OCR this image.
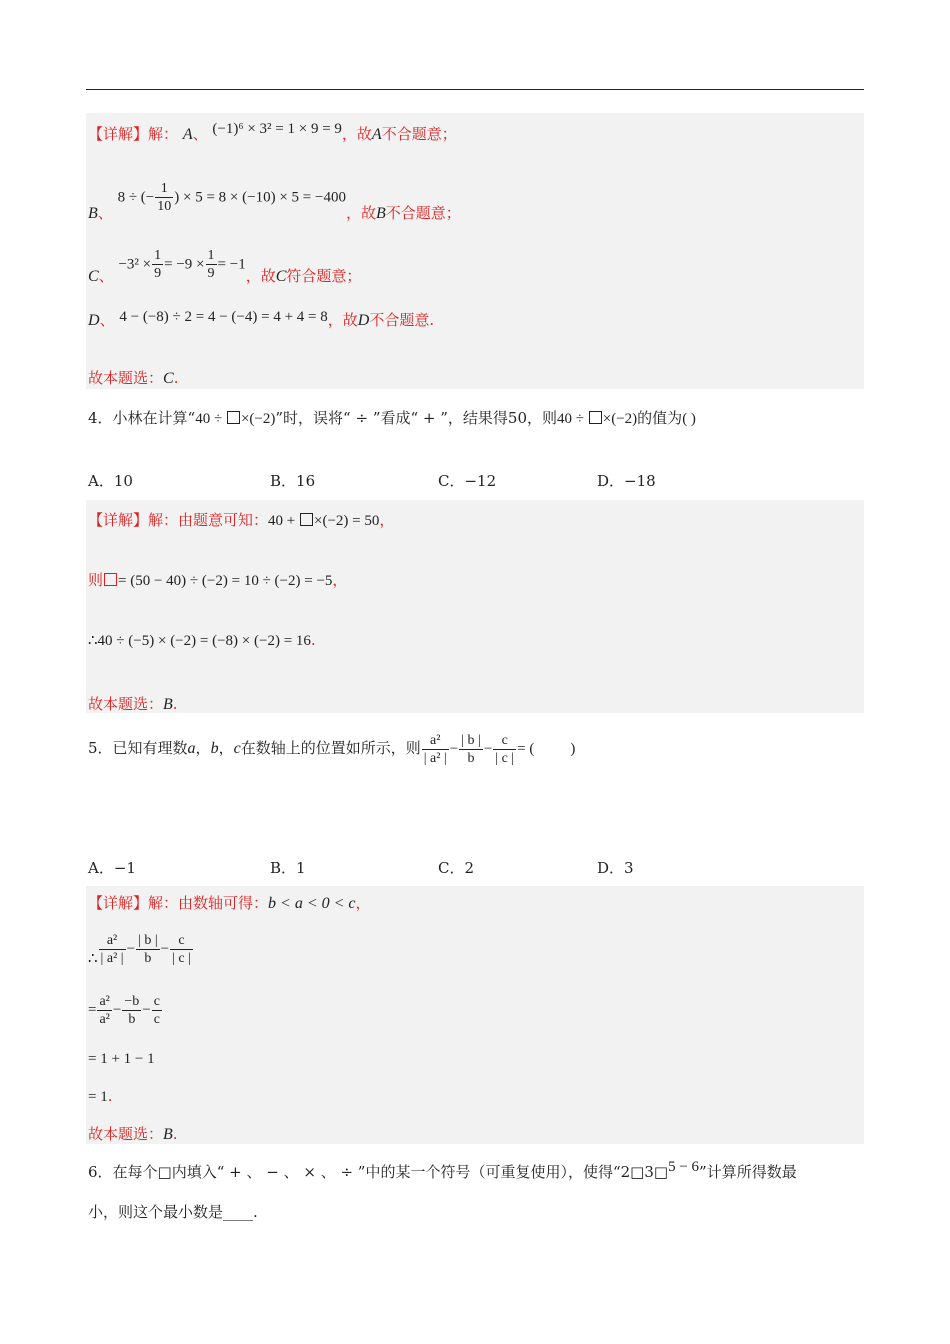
【详解】解： A、 (−1)⁶ × 3² = 1 × 9 = 9，故A不合题意；
B、 8 ÷ (− $\frac{1}{10}$ ) × 5 = 8 × (−10) × 5 = −400，故B不合题意；
C、 $-3^2 \times \frac{1}{9} = -9 \times \frac{1}{9} = -1$，故C符合题意；
D、 4 − (−8) ÷ 2 = 4 − (−4) = 4 + 4 = 8，故D不合题意.
故本题选：C.
4．小林在计算“40 ÷ ×(−2)”时，误将“ ÷ ”看成“ + ”，结果得50，则40 ÷ ×(−2)的值为( )
A．10	B．16	C．−12	D．−18
【详解】解：由题意可知：40 + ×(−2) = 50，
则 = (50 − 40) ÷ (−2) = 10 ÷ (−2) = −5，
∴40 ÷ (−5) × (−2) = (−8) × (−2) = 16.
故本题选：B.
5．已知有理数a，b，c在数轴上的位置如所示，则 $\frac{\text{a²}}{\text{| a² |}} - \frac{| b |}{b} - \frac{c}{| c |}$ = ( )
A．−1	B．1	C．2	D．3
【详解】解：由数轴可得：b < a < 0 < c，
∴ $\frac{\text{a²}}{\text{| a² |}} - \frac{| b |}{b} - \frac{c}{| c |}$
= $\frac{\text{a²}}{\text{a²}} - \frac{-b}{b} - \frac{c}{c}$
= 1 + 1 − 1
= 1.
故本题选：B.
6．在每个□内填入“ + 、 − 、 × 、 ÷ ”中的某一个符号（可重复使用），使得“2□3□5 − 6”计算所得数最
小，则这个最小数是____.
